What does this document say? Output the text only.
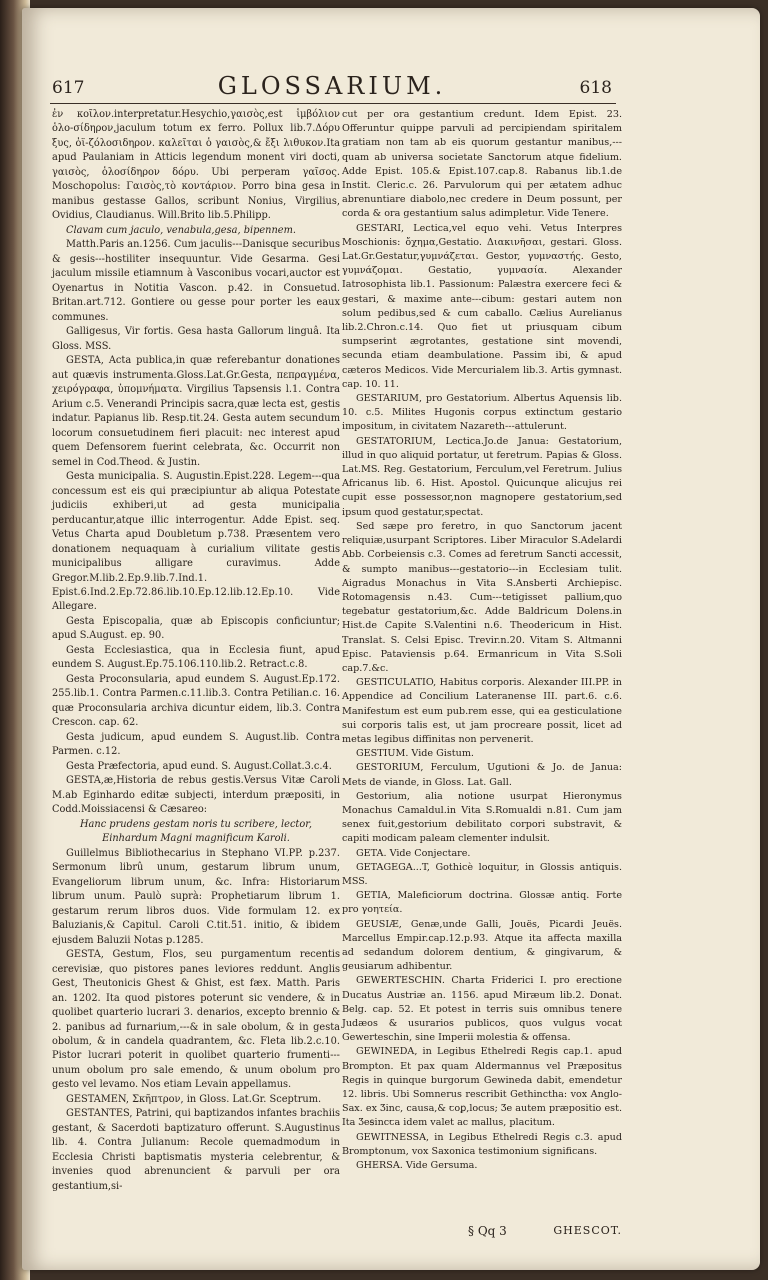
617	GLOSSARIUM.	618

ἐν κοῖλον.interpretatur.Hesychio,γαισὸς,est ἱμβόλιον ὁλο-σίδηρον,jaculum totum ex ferro. Pollux lib.7.Δόρυ ξυς, ὀϊ-ζόλοσιδηρον. καλεῖται ὁ γαισὸς,& ἔξι λιθυκον.Ita apud Paulaniam in Atticis legendum monent viri docti, γαισὸς, ὁλοσίδηρον δόρυ. Ubi perperam γαῖσος. Moschopolus: Γαισὸς,τὸ κοντάριον. Porro bina gesa in manibus gestasse Gallos, scribunt Nonius, Virgilius, Ovidius, Claudianus. Will.Brito lib.5.Philipp.

Clavam cum jaculo, venabula,gesa, bipennem.

Matth.Paris an.1256. Cum jaculis---Danisque securibus & gesis---hostiliter insequuntur. Vide Gesarma. Gesi jaculum missile etiamnum à Vasconibus vocari,auctor est Oyenartus in Notitia Vascon. p.42. in Consuetud. Britan.art.712. Gontiere ou gesse pour porter les eaux communes.

Galligesus, Vir fortis. Gesa hasta Gallorum linguâ. Ita Gloss. MSS.

GESTA, Acta publica,in quæ referebantur donationes aut quævis instrumenta.Gloss.Lat.Gr.Gesta, πεπραγμένα, χειρόγραφα, ὑπομνήματα. Virgilius Tapsensis l.1. Contra Arium c.5. Venerandi Principis sacra,quæ lecta est, gestis indatur. Papianus lib. Resp.tit.24. Gesta autem secundum locorum consuetudinem fieri placuit: nec interest apud quem Defensorem fuerint celebrata, &c. Occurrit non semel in Cod.Theod. & Justin.

Gesta municipalia. S. Augustin.Epist.228. Legem---qua concessum est eis qui præcipiuntur ab aliqua Potestate judiciis exhiberi,ut ad gesta municipalia perducantur,atque illic interrogentur. Adde Epist. seq. Vetus Charta apud Doubletum p.738. Præsentem vero donationem nequaquam à curialium vilitate gestis municipalibus alligare curavimus. Adde Gregor.M.lib.2.Ep.9.lib.7.Ind.1. Epist.6.Ind.2.Ep.72.86.lib.10.Ep.12.lib.12.Ep.10. Vide Allegare.

Gesta Episcopalia, quæ ab Episcopis conficiuntur; apud S.August. ep. 90.

Gesta Ecclesiastica, qua in Ecclesia fiunt, apud eundem S. August.Ep.75.106.110.lib.2. Retract.c.8.

Gesta Proconsularia, apud eundem S. August.Ep.172. 255.lib.1. Contra Parmen.c.11.lib.3. Contra Petilian.c. 16. quæ Proconsularia archiva dicuntur eidem, lib.3. Contra Crescon. cap. 62.

Gesta judicum, apud eundem S. August.lib. Contra Parmen. c.12.

Gesta Præfectoria, apud eund. S. August.Collat.3.c.4.

GESTA,æ,Historia de rebus gestis.Versus Vitæ Caroli M.ab Eginhardo editæ subjecti, interdum præpositi, in Codd.Moissiacensi & Cæsareo:

Hanc prudens gestam noris tu scribere, lector, Einhardum Magni magnificum Karoli.

Guillelmus Bibliothecarius in Stephano VI.PP. p.237. Sermonum librû unum, gestarum librum unum, Evangeliorum librum unum, &c. Infra: Historiarum librum unum. Paulò suprà: Prophetiarum librum 1. gestarum rerum libros duos. Vide formulam 12. ex Baluzianis,& Capitul. Caroli C.tit.51. initio, & ibidem ejusdem Baluzii Notas p.1285.

GESTA, Gestum, Flos, seu purgamentum recentis cerevisiæ, quo pistores panes leviores reddunt. Anglis Gest, Theutonicis Ghest & Ghist, est fæx. Matth. Paris an. 1202. Ita quod pistores poterunt sic vendere, & in quolibet quarterio lucrari 3. denarios, excepto brennio & 2. panibus ad furnarium,---& in sale obolum, & in gesta obolum, & in candela quadrantem, &c. Fleta lib.2.c.10. Pistor lucrari poterit in quolibet quarterio frumenti---unum obolum pro sale emendo, & unum obolum pro gesto vel levamo. Nos etiam Levain appellamus.

GESTAMEN, Σκῆπτρον, in Gloss. Lat.Gr. Sceptrum.

GESTANTES, Patrini, qui baptizandos infantes brachiis gestant, & Sacerdoti baptizaturo offerunt. S.Augustinus lib. 4. Contra Julianum: Recole quemadmodum in Ecclesia Christi baptismatis mysteria celebrentur, & invenies quod abrenuncient & parvuli per ora gestantium,si-

cut per ora gestantium credunt. Idem Epist. 23. Offeruntur quippe parvuli ad percipiendam spiritalem gratiam non tam ab eis quorum gestantur manibus,---quam ab universa societate Sanctorum atque fidelium. Adde Epist. 105.& Epist.107.cap.8. Rabanus lib.1.de Instit. Cleric.c. 26. Parvulorum qui per ætatem adhuc abrenuntiare diabolo,nec credere in Deum possunt, per corda & ora gestantium salus adimpletur. Vide Tenere.

GESTARI, Lectica,vel equo vehi. Vetus Interpres Moschionis: ὄχημα,Gestatio. Διακινῆσαι, gestari. Gloss. Lat.Gr.Gestatur,γυμνάζεται. Gestor, γυμναστής. Gesto, γυμνάζομαι. Gestatio, γυμνασία. Alexander Iatrosophista lib.1. Passionum: Palæstra exercere feci & gestari, & maxime ante---cibum: gestari autem non solum pedibus,sed & cum caballo. Cælius Aurelianus lib.2.Chron.c.14. Quo fiet ut priusquam cibum sumpserint ægrotantes, gestatione sint movendi, secunda etiam deambulatione. Passim ibi, & apud cæteros Medicos. Vide Mercurialem lib.3. Artis gymnast. cap. 10. 11.

GESTARIUM, pro Gestatorium. Albertus Aquensis lib. 10. c.5. Milites Hugonis corpus extinctum gestario impositum, in civitatem Nazareth---attulerunt.

GESTATORIUM, Lectica.Jo.de Janua: Gestatorium, illud in quo aliquid portatur, ut feretrum. Papias & Gloss. Lat.MS. Reg. Gestatorium, Ferculum,vel Feretrum. Julius Africanus lib. 6. Hist. Apostol. Quicunque alicujus rei cupit esse possessor,non magnopere gestatorium,sed ipsum quod gestatur,spectat.

Sed sæpe pro feretro, in quo Sanctorum jacent reliquiæ,usurpant Scriptores. Liber Miraculor S.Adelardi Abb. Corbeiensis c.3. Comes ad feretrum Sancti accessit, & sumpto manibus---gestatorio---in Ecclesiam tulit. Aigradus Monachus in Vita S.Ansberti Archiepisc. Rotomagensis n.43. Cum---tetigisset pallium,quo tegebatur gestatorium,&c. Adde Baldricum Dolens.in Hist.de Capite S.Valentini n.6. Theodericum in Hist. Translat. S. Celsi Episc. Trevir.n.20. Vitam S. Altmanni Episc. Pataviensis p.64. Ermanricum in Vita S.Soli cap.7.&c.

GESTICULATIO, Habitus corporis. Alexander III.PP. in Appendice ad Concilium Lateranense III. part.6. c.6. Manifestum est eum pub.rem esse, qui ea gesticulatione sui corporis talis est, ut jam procreare possit, licet ad metas legibus diffinitas non pervenerit.

GESTIUM. Vide Gistum.

GESTORIUM, Ferculum, Ugutioni & Jo. de Janua: Mets de viande, in Gloss. Lat. Gall.

Gestorium, alia notione usurpat Hieronymus Monachus Camaldul.in Vita S.Romualdi n.81. Cum jam senex fuit,gestorium debilitato corpori substravit, & capiti modicam paleam clementer indulsit.

GETA. Vide Conjectare.

GETAGEGA...T, Gothicè loquitur, in Glossis antiquis. MSS.

GETIA, Maleficiorum doctrina. Glossæ antiq. Forte pro γοητεία.

GEUSIÆ, Genæ,unde Galli, Jouës, Picardi Jeuës. Marcellus Empir.cap.12.p.93. Atque ita affecta maxilla ad sedandum dolorem dentium, & gingivarum, & geusiarum adhibentur.

GEWERTESCHIN. Charta Friderici I. pro erectione Ducatus Austriæ an. 1156. apud Miræum lib.2. Donat. Belg. cap. 52. Et potest in terris suis omnibus tenere Judæos & usurarios publicos, quos vulgus vocat Gewerteschin, sine Imperii molestia & offensa.

GEWINEDA, in Legibus Ethelredi Regis cap.1. apud Brompton. Et pax quam Aldermannus vel Præpositus Regis in quinque burgorum Gewineda dabit, emendetur 12. libris. Ubi Somnerus rescribit Gethinctha: vox Anglo-Sax. ex Ʒinc, causa,& ꞇoꝑ,locus; Ʒe autem præpositio est. Ita Ʒeꞩincꞇa idem valet ac mallus, placitum.

GEWITNESSA, in Legibus Ethelredi Regis c.3. apud Bromptonum, vox Saxonica testimonium significans.

GHERSA. Vide Gersuma.

§ Qq 3	GHESCOT.
